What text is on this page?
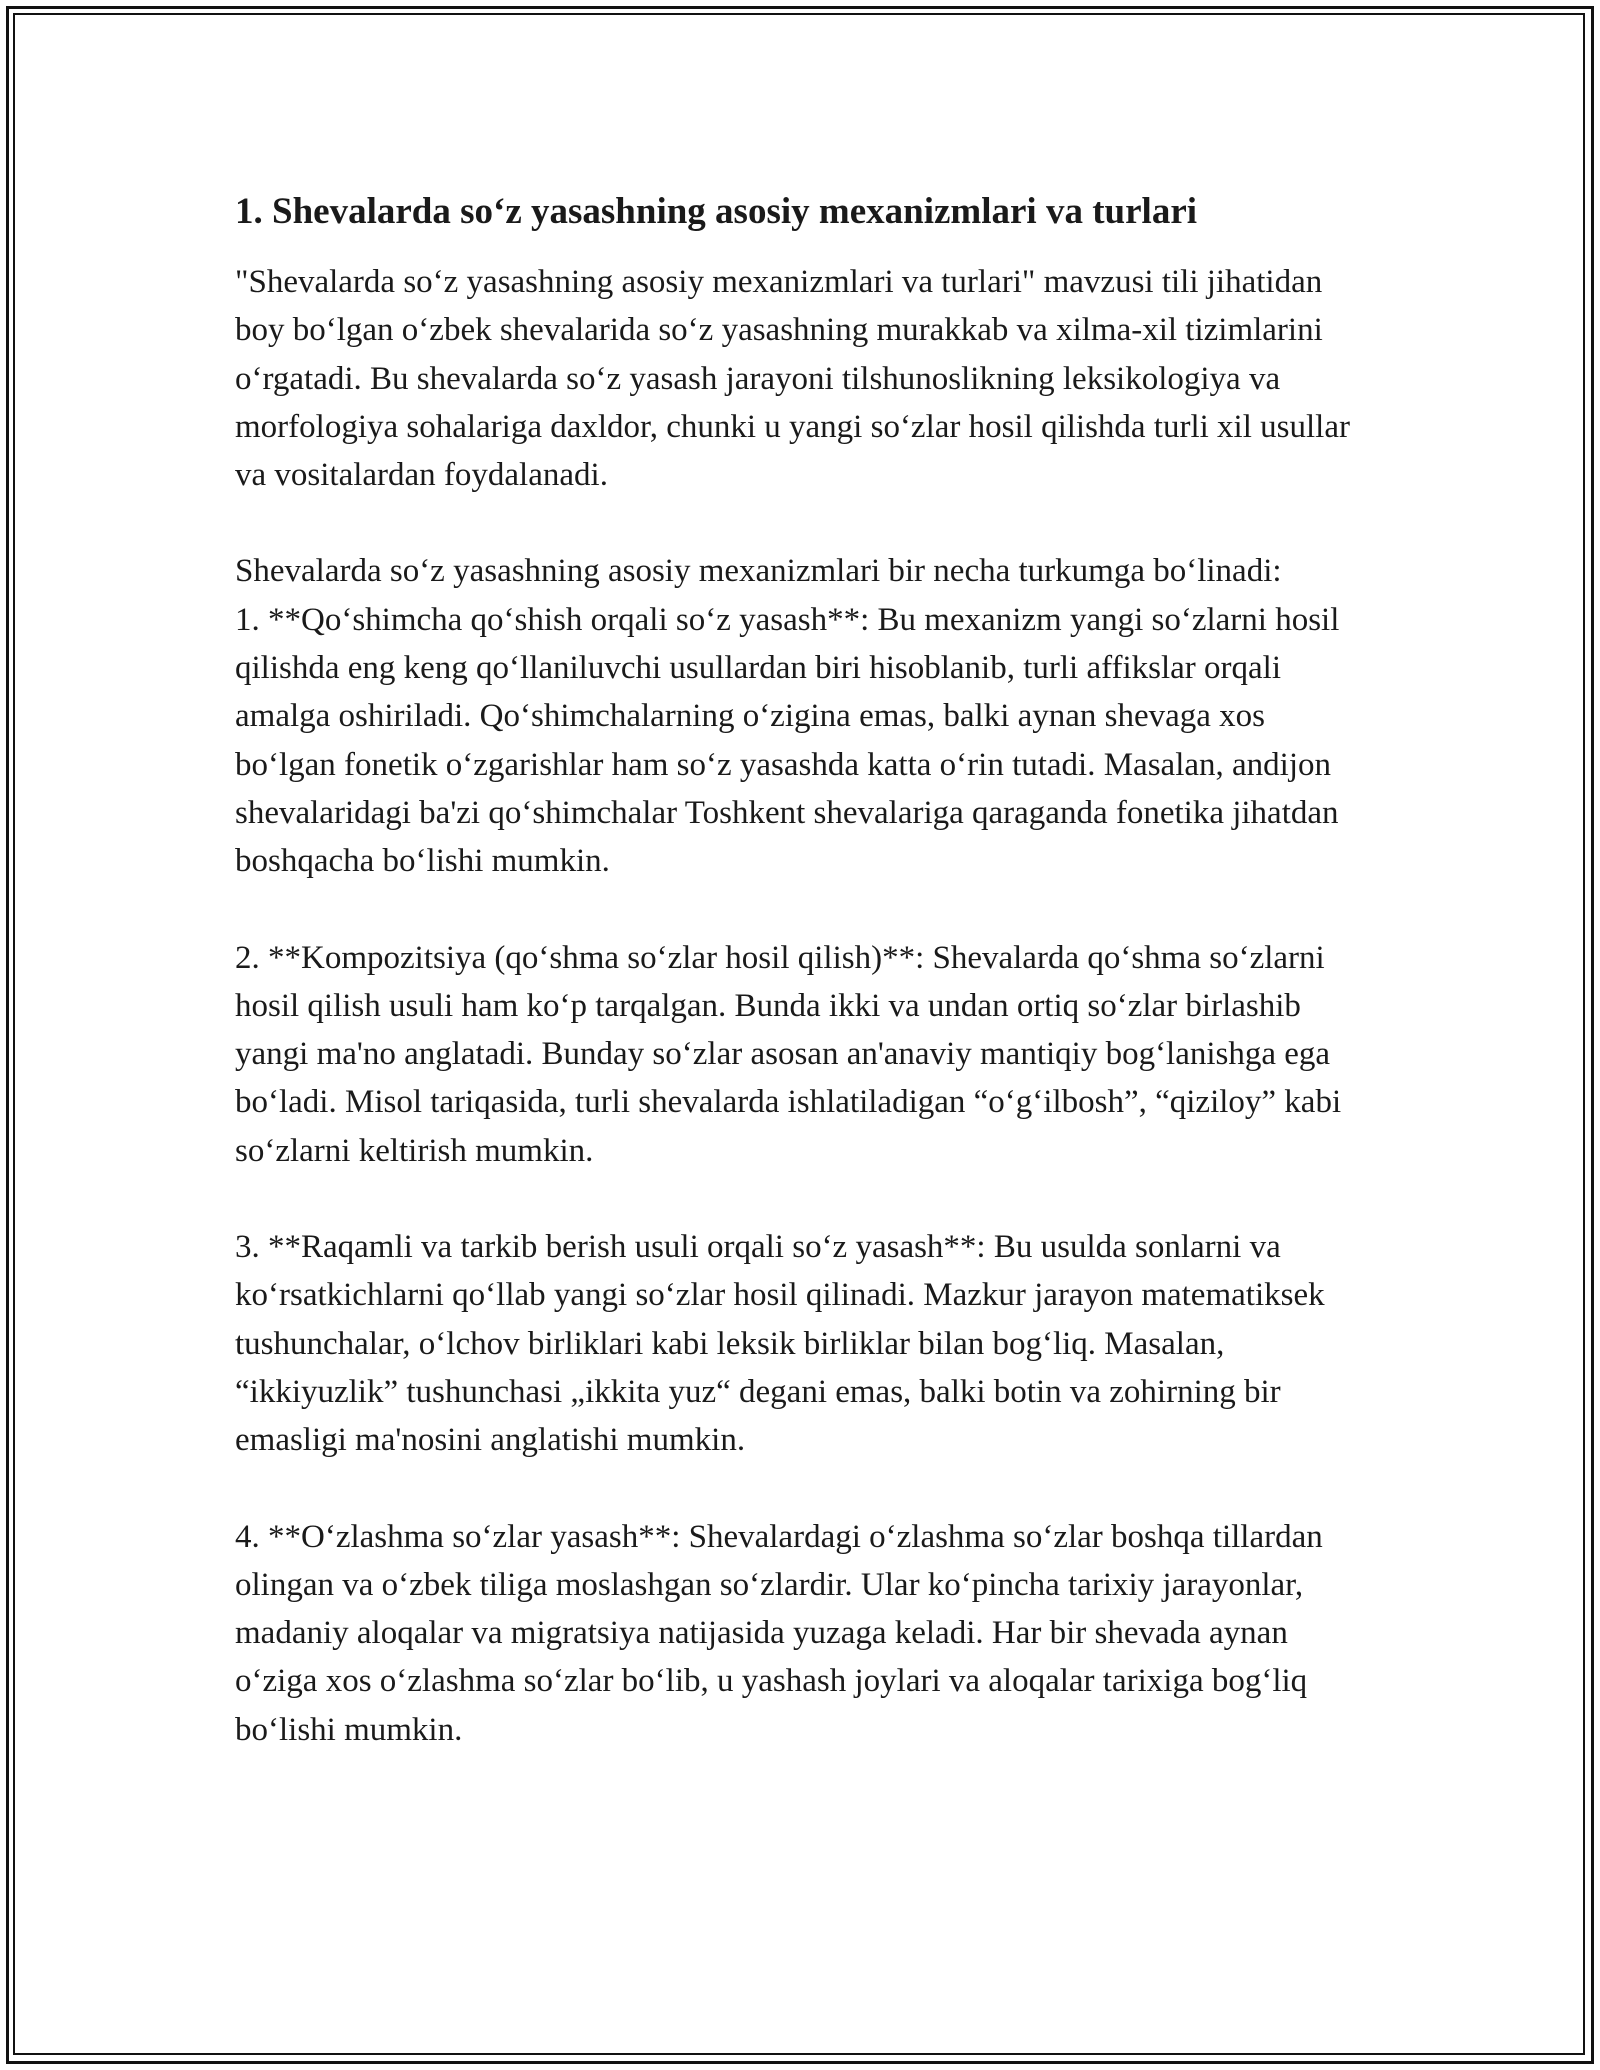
1. Shevalarda so‘z yasashning asosiy mexanizmlari va turlari

"Shevalarda so‘z yasashning asosiy mexanizmlari va turlari" mavzusi tili jihatidan boy bo‘lgan o‘zbek shevalarida so‘z yasashning murakkab va xilma-xil tizimlarini o‘rgatadi. Bu shevalarda so‘z yasash jarayoni tilshunoslikning leksikologiya va morfologiya sohalariga daxldor, chunki u yangi so‘zlar hosil qilishda turli xil usullar va vositalardan foydalanadi.

Shevalarda so‘z yasashning asosiy mexanizmlari bir necha turkumga bo‘linadi:

1. **Qo‘shimcha qo‘shish orqali so‘z yasash**: Bu mexanizm yangi so‘zlarni hosil qilishda eng keng qo‘llaniluvchi usullardan biri hisoblanib, turli affikslar orqali amalga oshiriladi. Qo‘shimchalarning o‘zigina emas, balki aynan shevaga xos bo‘lgan fonetik o‘zgarishlar ham so‘z yasashda katta o‘rin tutadi. Masalan, andijon shevalaridagi ba'zi qo‘shimchalar Toshkent shevalariga qaraganda fonetika jihatdan boshqacha bo‘lishi mumkin.

2. **Kompozitsiya (qo‘shma so‘zlar hosil qilish)**: Shevalarda qo‘shma so‘zlarni hosil qilish usuli ham ko‘p tarqalgan. Bunda ikki va undan ortiq so‘zlar birlashib yangi ma'no anglatadi. Bunday so‘zlar asosan an'anaviy mantiqiy bog‘lanishga ega bo‘ladi. Misol tariqasida, turli shevalarda ishlatiladigan “o‘g‘ilbosh”, “qiziloy” kabi so‘zlarni keltirish mumkin.

3. **Raqamli va tarkib berish usuli orqali so‘z yasash**: Bu usulda sonlarni va ko‘rsatkichlarni qo‘llab yangi so‘zlar hosil qilinadi. Mazkur jarayon matematiksek tushunchalar, o‘lchov birliklari kabi leksik birliklar bilan bog‘liq. Masalan, “ikkiyuzlik” tushunchasi „ikkita yuz“ degani emas, balki botin va zohirning bir emasligi ma'nosini anglatishi mumkin.

4. **O‘zlashma so‘zlar yasash**: Shevalardagi o‘zlashma so‘zlar boshqa tillardan olingan va o‘zbek tiliga moslashgan so‘zlardir. Ular ko‘pincha tarixiy jarayonlar, madaniy aloqalar va migratsiya natijasida yuzaga keladi. Har bir shevada aynan o‘ziga xos o‘zlashma so‘zlar bo‘lib, u yashash joylari va aloqalar tarixiga bog‘liq bo‘lishi mumkin.
